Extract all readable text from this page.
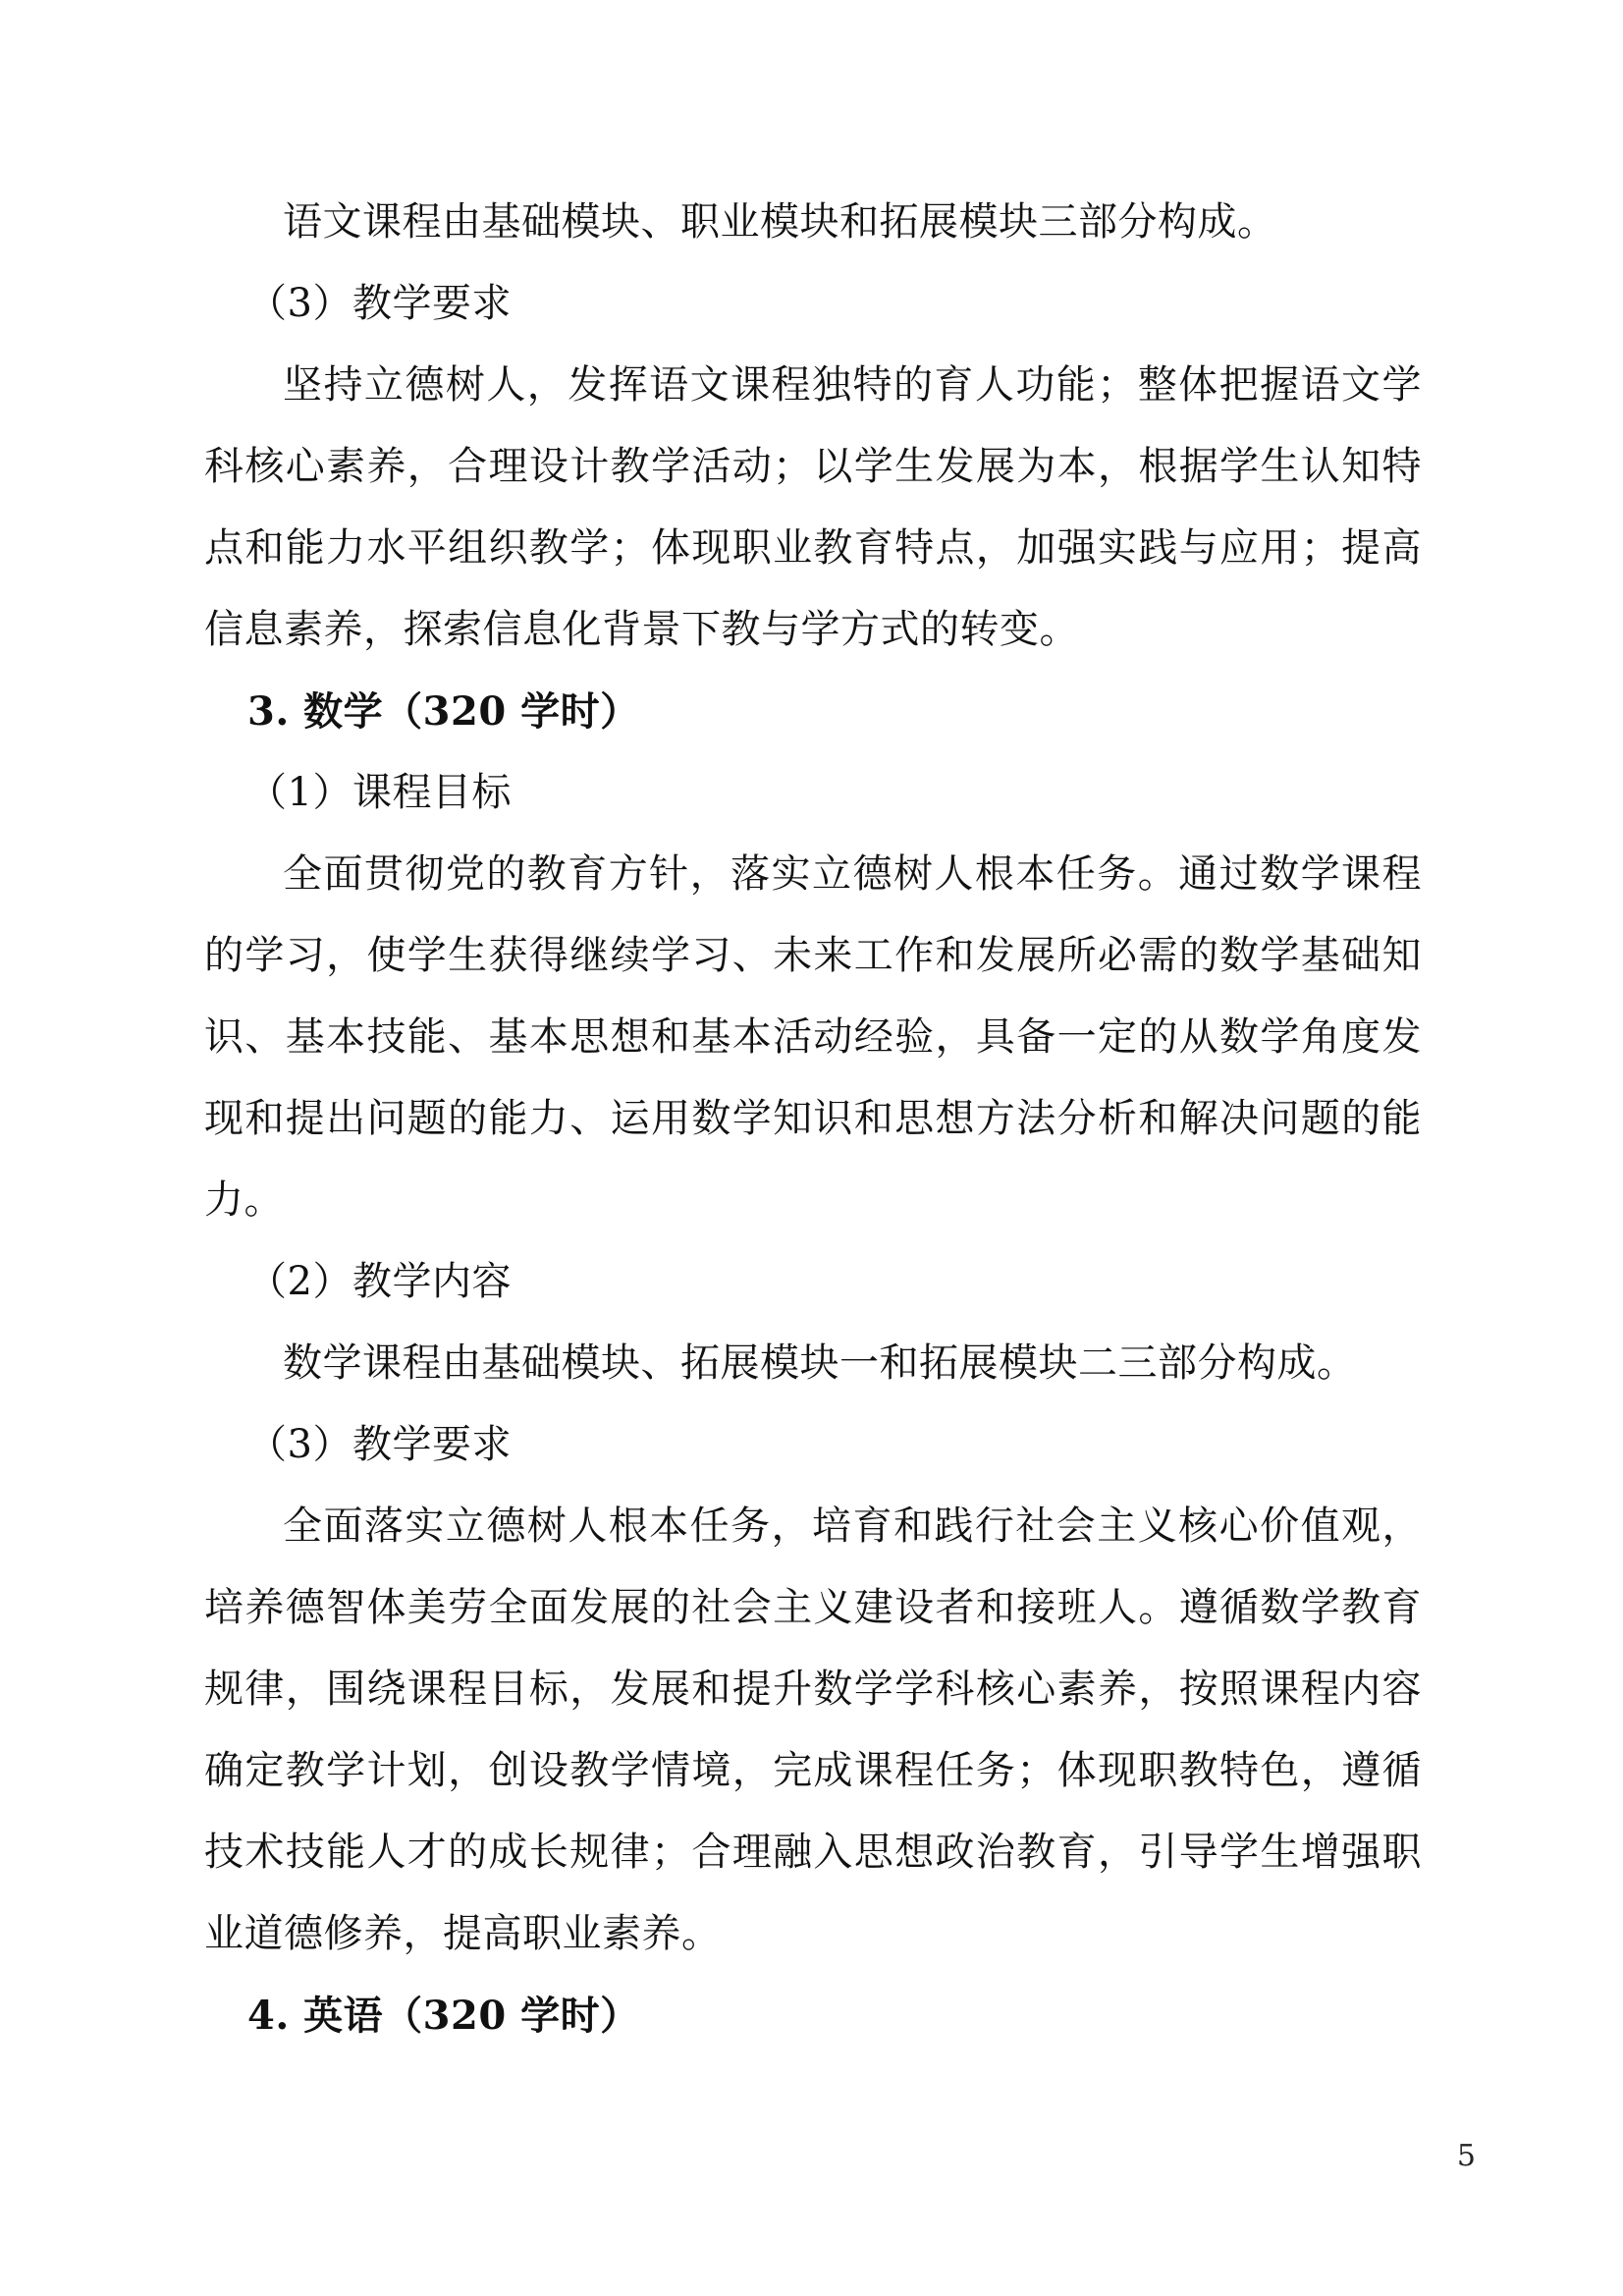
语文课程由基础模块、职业模块和拓展模块三部分构成。

（3）教学要求

坚持立德树人，发挥语文课程独特的育人功能；整体把握语文学科核心素养，合理设计教学活动；以学生发展为本，根据学生认知特点和能力水平组织教学；体现职业教育特点，加强实践与应用；提高信息素养，探索信息化背景下教与学方式的转变。

3. 数学（320 学时）

（1）课程目标

全面贯彻党的教育方针，落实立德树人根本任务。通过数学课程的学习，使学生获得继续学习、未来工作和发展所必需的数学基础知识、基本技能、基本思想和基本活动经验，具备一定的从数学角度发现和提出问题的能力、运用数学知识和思想方法分析和解决问题的能力。

（2）教学内容

数学课程由基础模块、拓展模块一和拓展模块二三部分构成。

（3）教学要求

全面落实立德树人根本任务，培育和践行社会主义核心价值观，培养德智体美劳全面发展的社会主义建设者和接班人。遵循数学教育规律，围绕课程目标，发展和提升数学学科核心素养，按照课程内容确定教学计划，创设教学情境，完成课程任务；体现职教特色，遵循技术技能人才的成长规律；合理融入思想政治教育，引导学生增强职业道德修养，提高职业素养。

4. 英语（320 学时）

5
